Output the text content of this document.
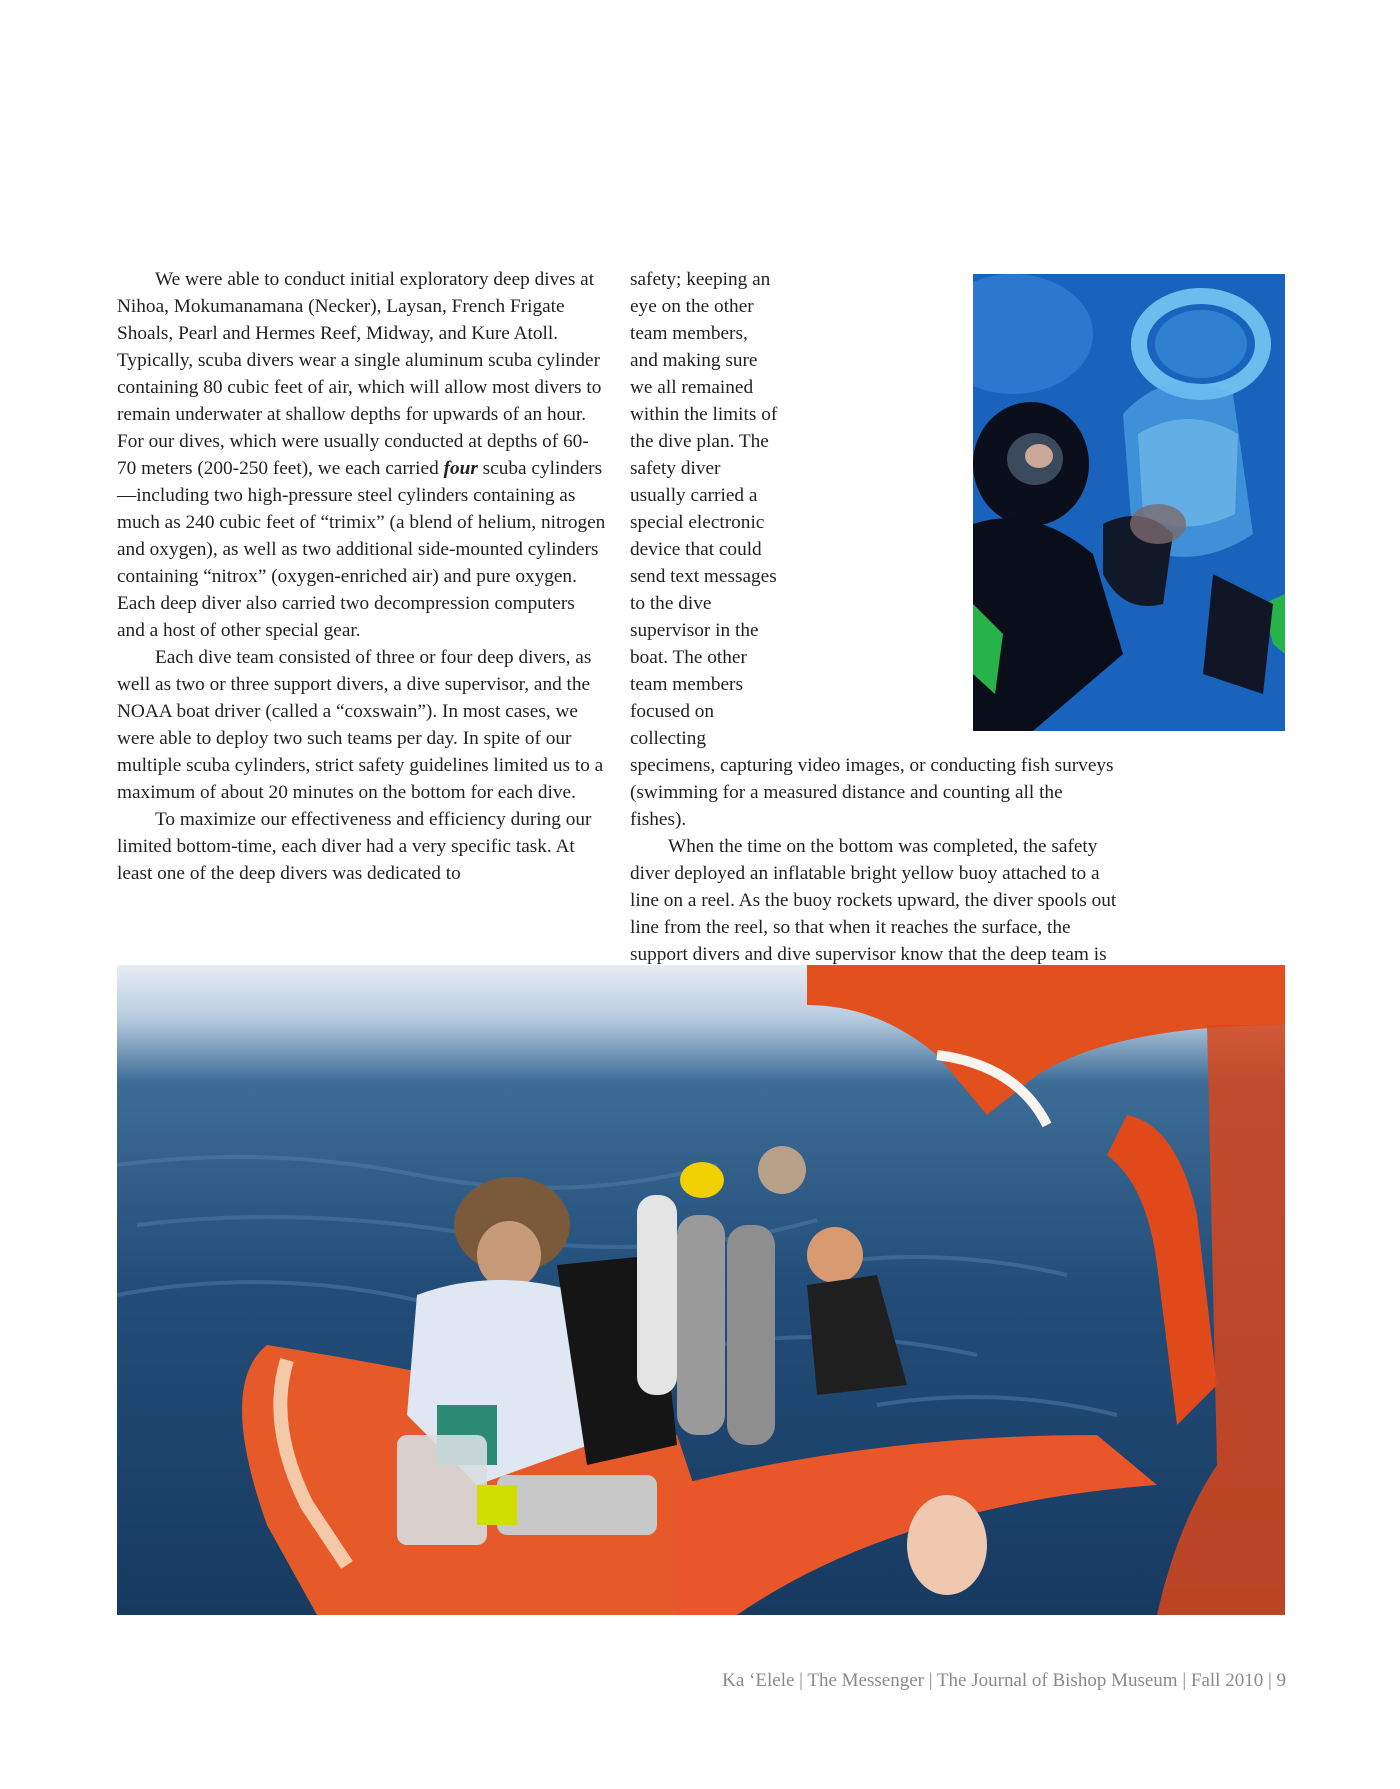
We were able to conduct initial exploratory deep dives at Nihoa, Mokumanamana (Necker), Laysan, French Frigate Shoals, Pearl and Hermes Reef, Midway, and Kure Atoll. Typically, scuba divers wear a single aluminum scuba cylinder containing 80 cubic feet of air, which will allow most divers to remain underwater at shallow depths for upwards of an hour. For our dives, which were usually conducted at depths of 60-70 meters (200-250 feet), we each carried four scuba cylinders—including two high-pressure steel cylinders containing as much as 240 cubic feet of “trimix” (a blend of helium, nitrogen and oxygen), as well as two additional side-mounted cylinders containing “nitrox” (oxygen-enriched air) and pure oxygen. Each deep diver also carried two decompression computers and a host of other special gear.

Each dive team consisted of three or four deep divers, as well as two or three support divers, a dive supervisor, and the NOAA boat driver (called a “coxswain”). In most cases, we were able to deploy two such teams per day. In spite of our multiple scuba cylinders, strict safety guidelines limited us to a maximum of about 20 minutes on the bottom for each dive.

To maximize our effectiveness and efficiency during our limited bottom-time, each diver had a very specific task. At least one of the deep divers was dedicated to

safety; keeping an eye on the other team members, and making sure we all remained within the limits of the dive plan. The safety diver usually carried a special electronic device that could send text messages to the dive supervisor in the boat. The other team members focused on collecting specimens, capturing video images, or conducting fish surveys (swimming for a measured distance and counting all the fishes).

When the time on the bottom was completed, the safety diver deployed an inflatable bright yellow buoy attached to a line on a reel. As the buoy rockets upward, the diver spools out line from the reel, so that when it reaches the surface, the support divers and dive supervisor know that the deep team is

Ka ‘Elele | The Messenger | The Journal of Bishop Museum | Fall 2010 | 9
